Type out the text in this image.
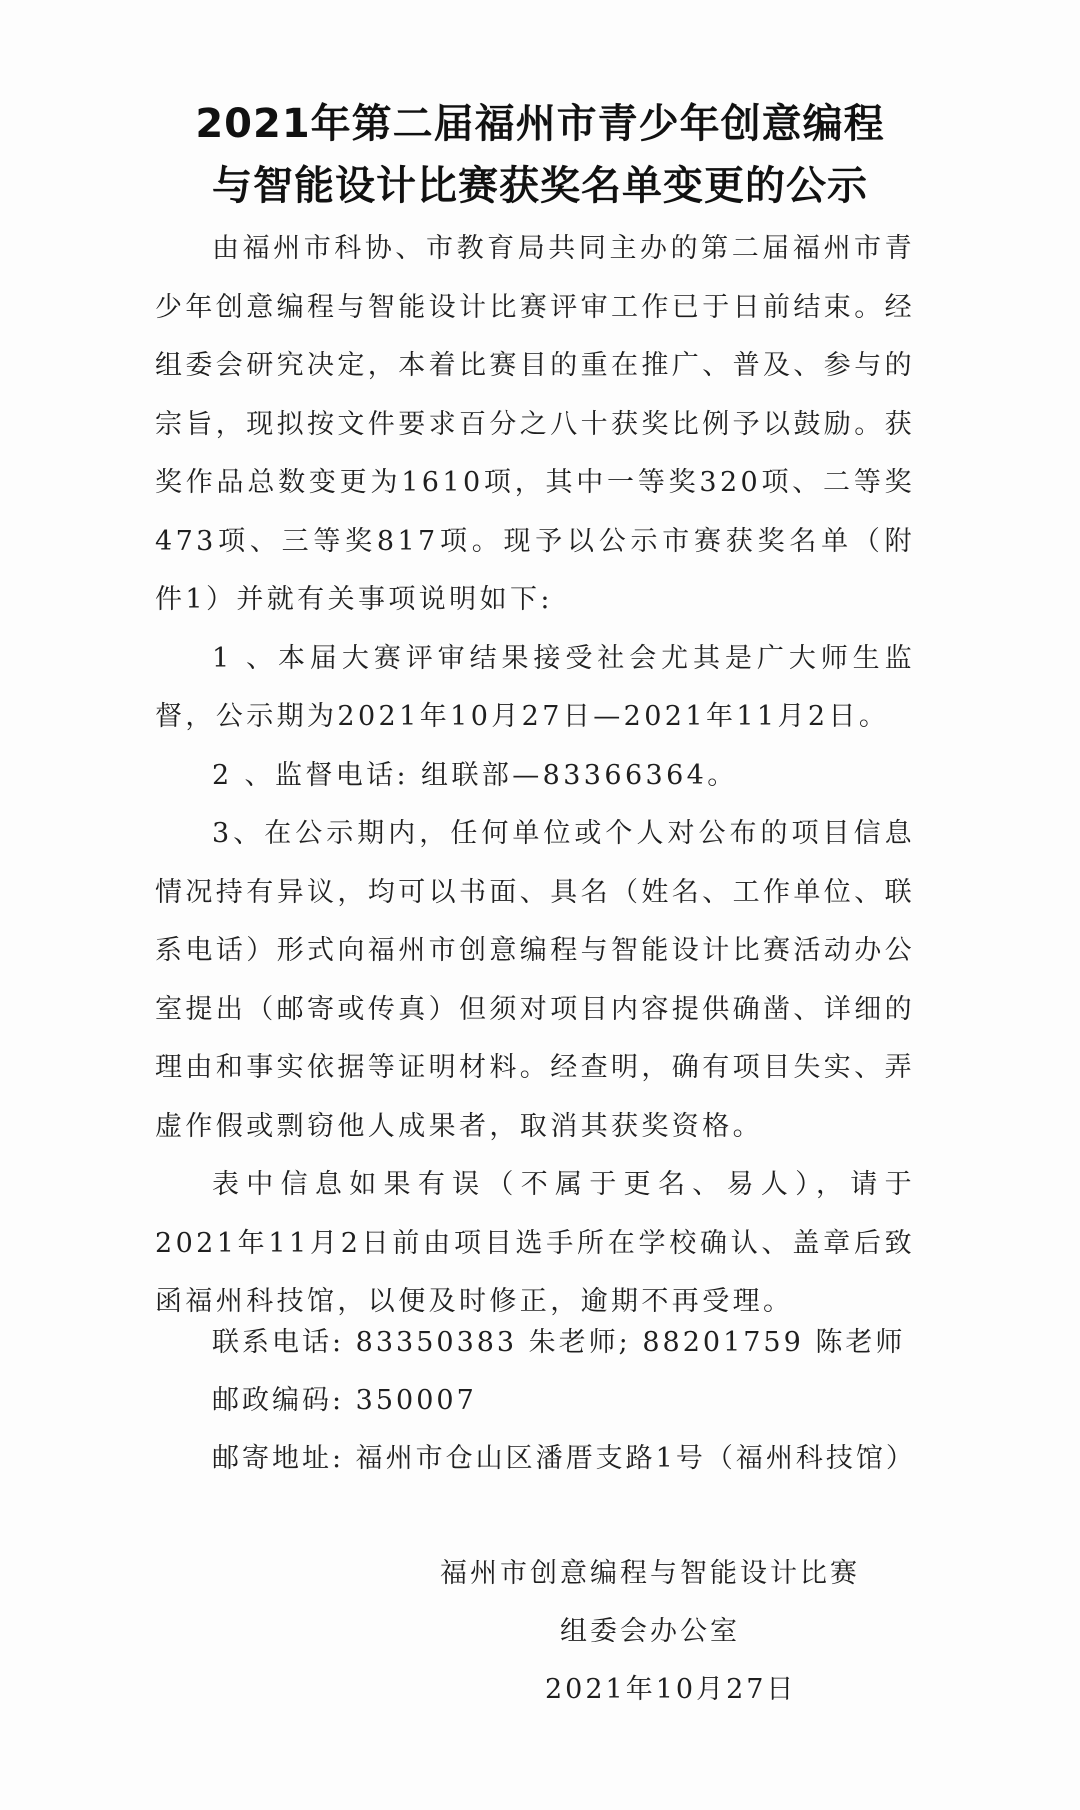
2021年第二届福州市青少年创意编程
与智能设计比赛获奖名单变更的公示

由福州市科协、市教育局共同主办的第二届福州市青少年创意编程与智能设计比赛评审工作已于日前结束。经组委会研究决定，本着比赛目的重在推广、普及、参与的宗旨，现拟按文件要求百分之八十获奖比例予以鼓励。获奖作品总数变更为1610项，其中一等奖320项、二等奖473项、三等奖817项。现予以公示市赛获奖名单（附件1）并就有关事项说明如下:

1 、本届大赛评审结果接受社会尤其是广大师生监督，公示期为2021年10月27日—2021年11月2日。

2 、监督电话: 组联部—83366364。

3、在公示期内，任何单位或个人对公布的项目信息情况持有异议，均可以书面、具名（姓名、工作单位、联系电话）形式向福州市创意编程与智能设计比赛活动办公室提出（邮寄或传真）但须对项目内容提供确凿、详细的理由和事实依据等证明材料。经查明，确有项目失实、弄虚作假或剽窃他人成果者，取消其获奖资格。

表中信息如果有误（不属于更名、易人），请于2021年11月2日前由项目选手所在学校确认、盖章后致函福州科技馆，以便及时修正，逾期不再受理。

联系电话: 83350383 朱老师; 88201759 陈老师
邮政编码: 350007
邮寄地址: 福州市仓山区潘厝支路1号（福州科技馆）
福州市创意编程与智能设计比赛
组委会办公室
2021年10月27日
